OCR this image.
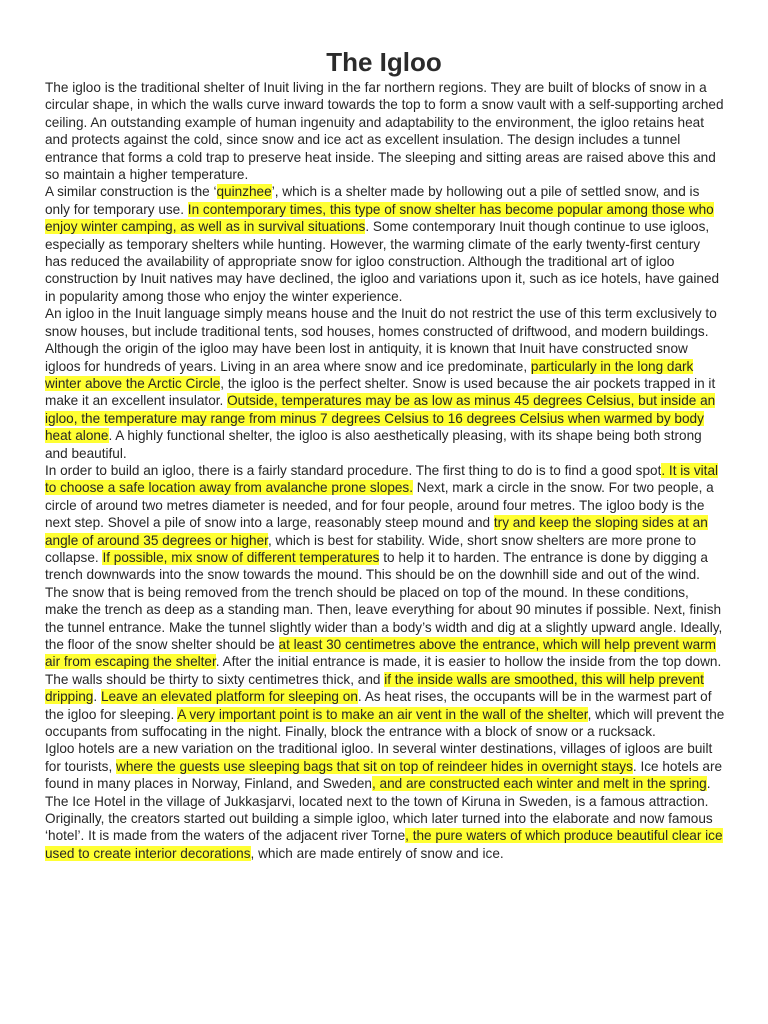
The Igloo

The igloo is the traditional shelter of Inuit living in the far northern regions. They are built of blocks of snow in a circular shape, in which the walls curve inward towards the top to form a snow vault with a self-supporting arched ceiling. An outstanding example of human ingenuity and adaptability to the environment, the igloo retains heat and protects against the cold, since snow and ice act as excellent insulation. The design includes a tunnel entrance that forms a cold trap to preserve heat inside. The sleeping and sitting areas are raised above this and so maintain a higher temperature.

A similar construction is the ‘quinzhee’, which is a shelter made by hollowing out a pile of settled snow, and is only for temporary use. In contemporary times, this type of snow shelter has become popular among those who enjoy winter camping, as well as in survival situations. Some contemporary Inuit though continue to use igloos, especially as temporary shelters while hunting. However, the warming climate of the early twenty-first century has reduced the availability of appropriate snow for igloo construction. Although the traditional art of igloo construction by Inuit natives may have declined, the igloo and variations upon it, such as ice hotels, have gained in popularity among those who enjoy the winter experience.

An igloo in the Inuit language simply means house and the Inuit do not restrict the use of this term exclusively to snow houses, but include traditional tents, sod houses, homes constructed of driftwood, and modern buildings. Although the origin of the igloo may have been lost in antiquity, it is known that Inuit have constructed snow igloos for hundreds of years. Living in an area where snow and ice predominate, particularly in the long dark winter above the Arctic Circle, the igloo is the perfect shelter. Snow is used because the air pockets trapped in it make it an excellent insulator. Outside, temperatures may be as low as minus 45 degrees Celsius, but inside an igloo, the temperature may range from minus 7 degrees Celsius to 16 degrees Celsius when warmed by body heat alone. A highly functional shelter, the igloo is also aesthetically pleasing, with its shape being both strong and beautiful.

In order to build an igloo, there is a fairly standard procedure. The first thing to do is to find a good spot. It is vital to choose a safe location away from avalanche prone slopes. Next, mark a circle in the snow. For two people, a circle of around two metres diameter is needed, and for four people, around four metres. The igloo body is the next step. Shovel a pile of snow into a large, reasonably steep mound and try and keep the sloping sides at an angle of around 35 degrees or higher, which is best for stability. Wide, short snow shelters are more prone to collapse. If possible, mix snow of different temperatures to help it to harden. The entrance is done by digging a trench downwards into the snow towards the mound. This should be on the downhill side and out of the wind. The snow that is being removed from the trench should be placed on top of the mound. In these conditions, make the trench as deep as a standing man. Then, leave everything for about 90 minutes if possible. Next, finish the tunnel entrance. Make the tunnel slightly wider than a body’s width and dig at a slightly upward angle. Ideally, the floor of the snow shelter should be at least 30 centimetres above the entrance, which will help prevent warm air from escaping the shelter. After the initial entrance is made, it is easier to hollow the inside from the top down. The walls should be thirty to sixty centimetres thick, and if the inside walls are smoothed, this will help prevent dripping. Leave an elevated platform for sleeping on. As heat rises, the occupants will be in the warmest part of the igloo for sleeping. A very important point is to make an air vent in the wall of the shelter, which will prevent the occupants from suffocating in the night. Finally, block the entrance with a block of snow or a rucksack.

Igloo hotels are a new variation on the traditional igloo. In several winter destinations, villages of igloos are built for tourists, where the guests use sleeping bags that sit on top of reindeer hides in overnight stays. Ice hotels are found in many places in Norway, Finland, and Sweden, and are constructed each winter and melt in the spring. The Ice Hotel in the village of Jukkasjarvi, located next to the town of Kiruna in Sweden, is a famous attraction. Originally, the creators started out building a simple igloo, which later turned into the elaborate and now famous ‘hotel’. It is made from the waters of the adjacent river Torne, the pure waters of which produce beautiful clear ice used to create interior decorations, which are made entirely of snow and ice.
